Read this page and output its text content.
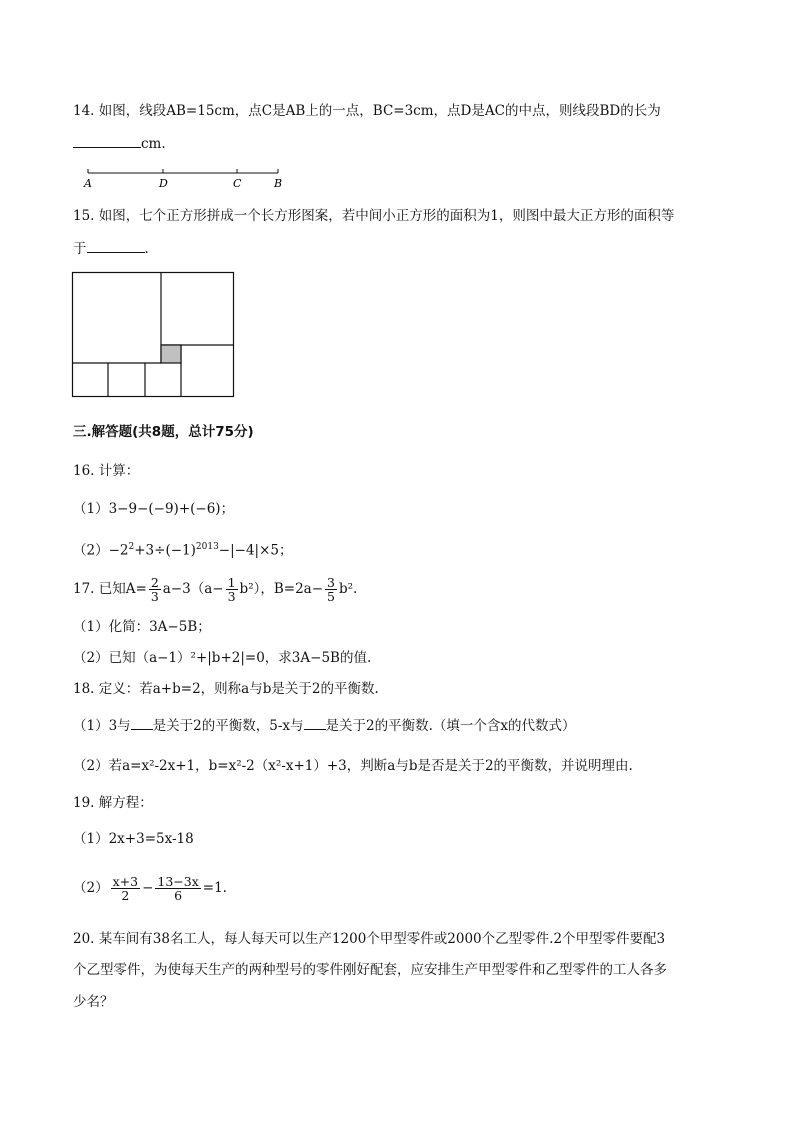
14. 如图，线段AB=15cm，点C是AB上的一点，BC=3cm，点D是AC的中点，则线段BD的长为
cm.
A	D	C	B
15. 如图，七个正方形拼成一个长方形图案，若中间小正方形的面积为1，则图中最大正方形的面积等
于	.
三.解答题(共8题，总计75分)
16. 计算：
（1）3−9−(−9)+(−6)；
$(2)-2^2+3\div(-1)^{2013}-|-4|\times 5$；
17. 已知$A= \frac{2}{3} a-3(a- \frac{1}{3} b^2)$，$B=2a- \frac{3}{5} b^2$.
（1）化简：3A−5B；
（2）已知（a−1）²+|b+2|=0，求3A−5B的值.
18. 定义：若a+b=2，则称a与b是关于2的平衡数.
（1）3与 是关于2的平衡数，5-x与 是关于2的平衡数.（填一个含x的代数式）
（2）若a=x²-2x+1，b=x²-2（x²-x+1）+3，判断a与b是否是关于2的平衡数，并说明理由.
19. 解方程：
（1）2x+3=5x-18
$(2) \frac{x+3}{2} - \frac{13-3x}{6} =1$.
20. 某车间有38名工人，每人每天可以生产1200个甲型零件或2000个乙型零件.2个甲型零件要配3
个乙型零件，为使每天生产的两种型号的零件刚好配套，应安排生产甲型零件和乙型零件的工人各多
少名？
